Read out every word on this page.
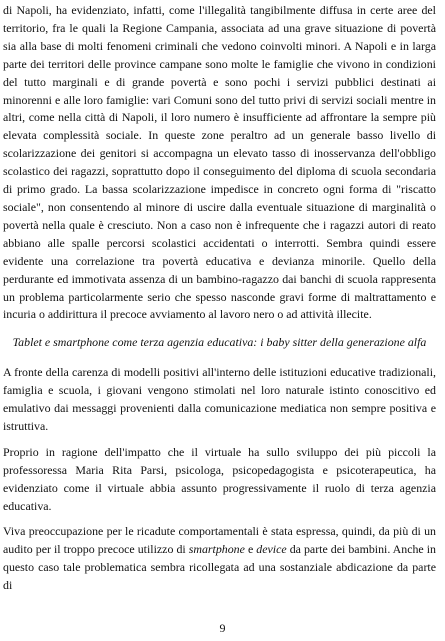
di Napoli, ha evidenziato, infatti, come l'illegalità tangibilmente diffusa in certe aree del territorio, fra le quali la Regione Campania, associata ad una grave situazione di povertà sia alla base di molti fenomeni criminali che vedono coinvolti minori. A Napoli e in larga parte dei territori delle province campane sono molte le famiglie che vivono in condizioni del tutto marginali e di grande povertà e sono pochi i servizi pubblici destinati ai minorenni e alle loro famiglie: vari Comuni sono del tutto privi di servizi sociali mentre in altri, come nella città di Napoli, il loro numero è insufficiente ad affrontare la sempre più elevata complessità sociale. In queste zone peraltro ad un generale basso livello di scolarizzazione dei genitori si accompagna un elevato tasso di inosservanza dell'obbligo scolastico dei ragazzi, soprattutto dopo il conseguimento del diploma di scuola secondaria di primo grado. La bassa scolarizzazione impedisce in concreto ogni forma di "riscatto sociale", non consentendo al minore di uscire dalla eventuale situazione di marginalità o povertà nella quale è cresciuto. Non a caso non è infrequente che i ragazzi autori di reato abbiano alle spalle percorsi scolastici accidentati o interrotti. Sembra quindi essere evidente una correlazione tra povertà educativa e devianza minorile. Quello della perdurante ed immotivata assenza di un bambino-ragazzo dai banchi di scuola rappresenta un problema particolarmente serio che spesso nasconde gravi forme di maltrattamento e incuria o addirittura il precoce avviamento al lavoro nero o ad attività illecite.

Tablet e smartphone come terza agenzia educativa: i baby sitter della generazione alfa

A fronte della carenza di modelli positivi all'interno delle istituzioni educative tradizionali, famiglia e scuola, i giovani vengono stimolati nel loro naturale istinto conoscitivo ed emulativo dai messaggi provenienti dalla comunicazione mediatica non sempre positiva e istruttiva.

Proprio in ragione dell'impatto che il virtuale ha sullo sviluppo dei più piccoli la professoressa Maria Rita Parsi, psicologa, psicopedagogista e psicoterapeutica, ha evidenziato come il virtuale abbia assunto progressivamente il ruolo di terza agenzia educativa.

Viva preoccupazione per le ricadute comportamentali è stata espressa, quindi, da più di un audito per il troppo precoce utilizzo di smartphone e device da parte dei bambini. Anche in questo caso tale problematica sembra ricollegata ad una sostanziale abdicazione da parte di

9
